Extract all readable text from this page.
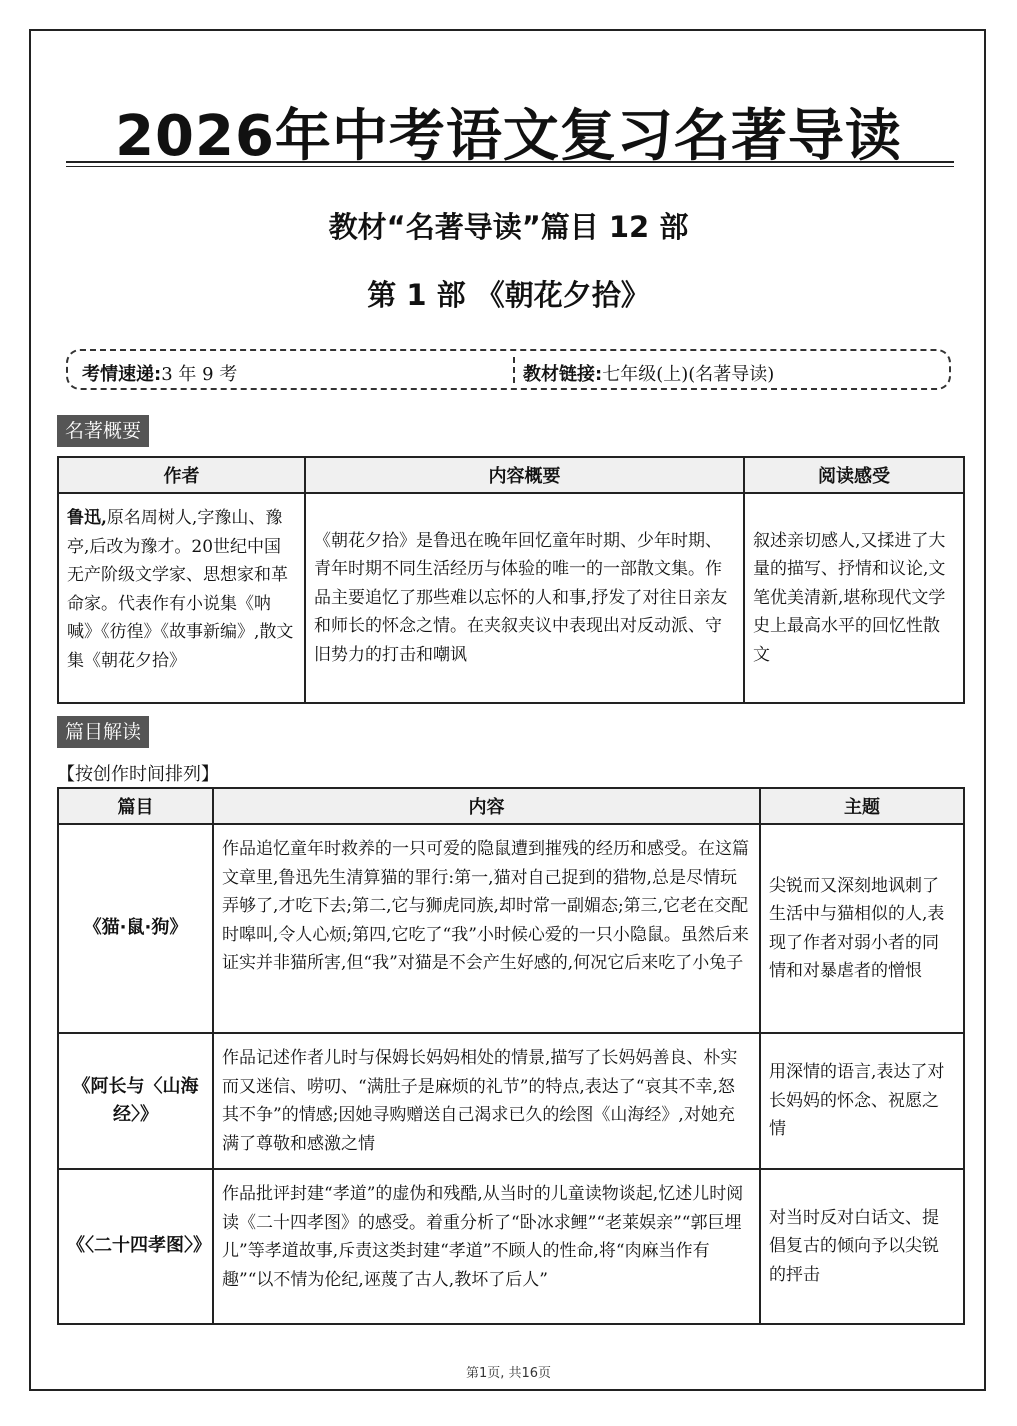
2026年中考语文复习名著导读
教材“名著导读”篇目 12 部
第 1 部 《朝花夕拾》
考情速递:3 年 9 考	教材链接:七年级(上)(名著导读)
名著概要
作者	内容概要	阅读感受
鲁迅,原名周树人,字豫山、豫亭,后改为豫才。20世纪中国无产阶级文学家、思想家和革命家。代表作有小说集《呐喊》《彷徨》《故事新编》,散文集《朝花夕拾》	《朝花夕拾》是鲁迅在晚年回忆童年时期、少年时期、青年时期不同生活经历与体验的唯一的一部散文集。作品主要追忆了那些难以忘怀的人和事,抒发了对往日亲友和师长的怀念之情。在夹叙夹议中表现出对反动派、守旧势力的打击和嘲讽	叙述亲切感人,又揉进了大量的描写、抒情和议论,文笔优美清新,堪称现代文学史上最高水平的回忆性散文
篇目解读
【按创作时间排列】
篇目	内容	主题
《猫·鼠·狗》	作品追忆童年时救养的一只可爱的隐鼠遭到摧残的经历和感受。在这篇文章里,鲁迅先生清算猫的罪行:第一,猫对自己捉到的猎物,总是尽情玩弄够了,才吃下去;第二,它与狮虎同族,却时常一副媚态;第三,它老在交配时嗥叫,令人心烦;第四,它吃了“我”小时候心爱的一只小隐鼠。虽然后来证实并非猫所害,但“我”对猫是不会产生好感的,何况它后来吃了小兔子	尖锐而又深刻地讽刺了生活中与猫相似的人,表现了作者对弱小者的同情和对暴虐者的憎恨
《阿长与〈山海经〉》	作品记述作者儿时与保姆长妈妈相处的情景,描写了长妈妈善良、朴实而又迷信、唠叨、“满肚子是麻烦的礼节”的特点,表达了“哀其不幸,怒其不争”的情感;因她寻购赠送自己渴求已久的绘图《山海经》,对她充满了尊敬和感激之情	用深情的语言,表达了对长妈妈的怀念、祝愿之情
《〈二十四孝图〉》	作品批评封建“孝道”的虚伪和残酷,从当时的儿童读物谈起,忆述儿时阅读《二十四孝图》的感受。着重分析了“卧冰求鲤”“老莱娱亲”“郭巨埋儿”等孝道故事,斥责这类封建“孝道”不顾人的性命,将“肉麻当作有趣”“以不情为伦纪,诬蔑了古人,教坏了后人”	对当时反对白话文、提倡复古的倾向予以尖锐的抨击
第1页, 共16页
